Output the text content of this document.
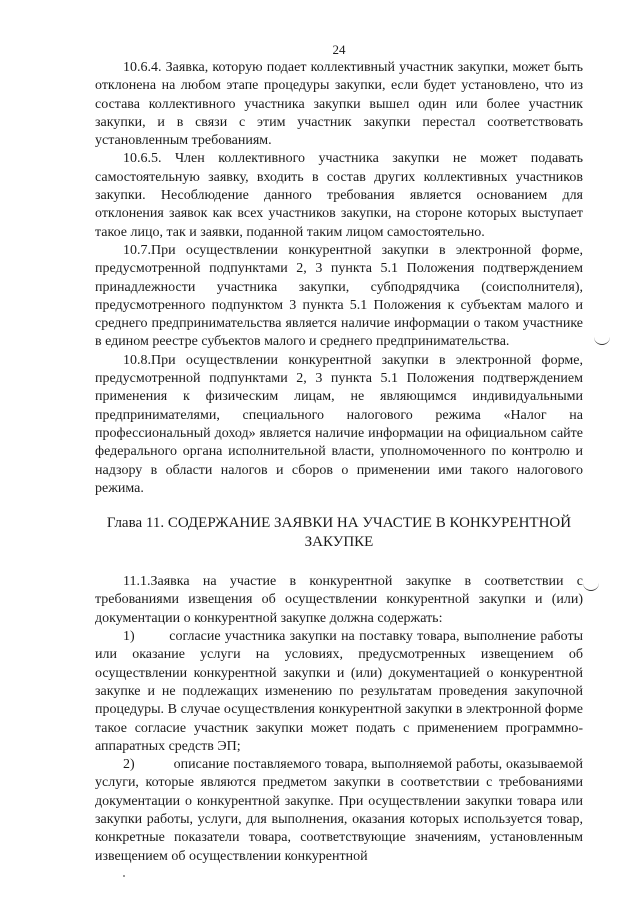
24

10.6.4. Заявка, которую подает коллективный участник закупки, может быть отклонена на любом этапе процедуры закупки, если будет установлено, что из состава коллективного участника закупки вышел один или более участник закупки, и в связи с этим участник закупки перестал соответствовать установленным требованиям.

10.6.5. Член коллективного участника закупки не может подавать самостоятельную заявку, входить в состав других коллективных участников закупки. Несоблюдение данного требования является основанием для отклонения заявок как всех участников закупки, на стороне которых выступает такое лицо, так и заявки, поданной таким лицом самостоятельно.

10.7.При осуществлении конкурентной закупки в электронной форме, предусмотренной подпунктами 2, 3 пункта 5.1 Положения подтверждением принадлежности участника закупки, субподрядчика (соисполнителя), предусмотренного подпунктом 3 пункта 5.1 Положения к субъектам малого и среднего предпринимательства является наличие информации о таком участнике в едином реестре субъектов малого и среднего предпринимательства.

10.8.При осуществлении конкурентной закупки в электронной форме, предусмотренной подпунктами 2, 3 пункта 5.1 Положения подтверждением применения к физическим лицам, не являющимся индивидуальными предпринимателями, специального налогового режима «Налог на профессиональный доход» является наличие информации на официальном сайте федерального органа исполнительной власти, уполномоченного по контролю и надзору в области налогов и сборов о применении ими такого налогового режима.

Глава 11. СОДЕРЖАНИЕ ЗАЯВКИ НА УЧАСТИЕ В КОНКУРЕНТНОЙ ЗАКУПКЕ

11.1.Заявка на участие в конкурентной закупке в соответствии с требованиями извещения об осуществлении конкурентной закупки и (или) документации о конкурентной закупке должна содержать:

1) согласие участника закупки на поставку товара, выполнение работы или оказание услуги на условиях, предусмотренных извещением об осуществлении конкурентной закупки и (или) документацией о конкурентной закупке и не подлежащих изменению по результатам проведения закупочной процедуры. В случае осуществления конкурентной закупки в электронной форме такое согласие участник закупки может подать с применением программно-аппаратных средств ЭП;

2)	описание поставляемого товара, выполняемой работы, оказываемой услуги, которые являются предметом закупки в соответствии с требованиями документации о конкурентной закупке. При осуществлении закупки товара или закупки работы, услуги, для выполнения, оказания которых используется товар, конкретные показатели товара, соответствующие значениям, установленным извещением об осуществлении конкурентной
